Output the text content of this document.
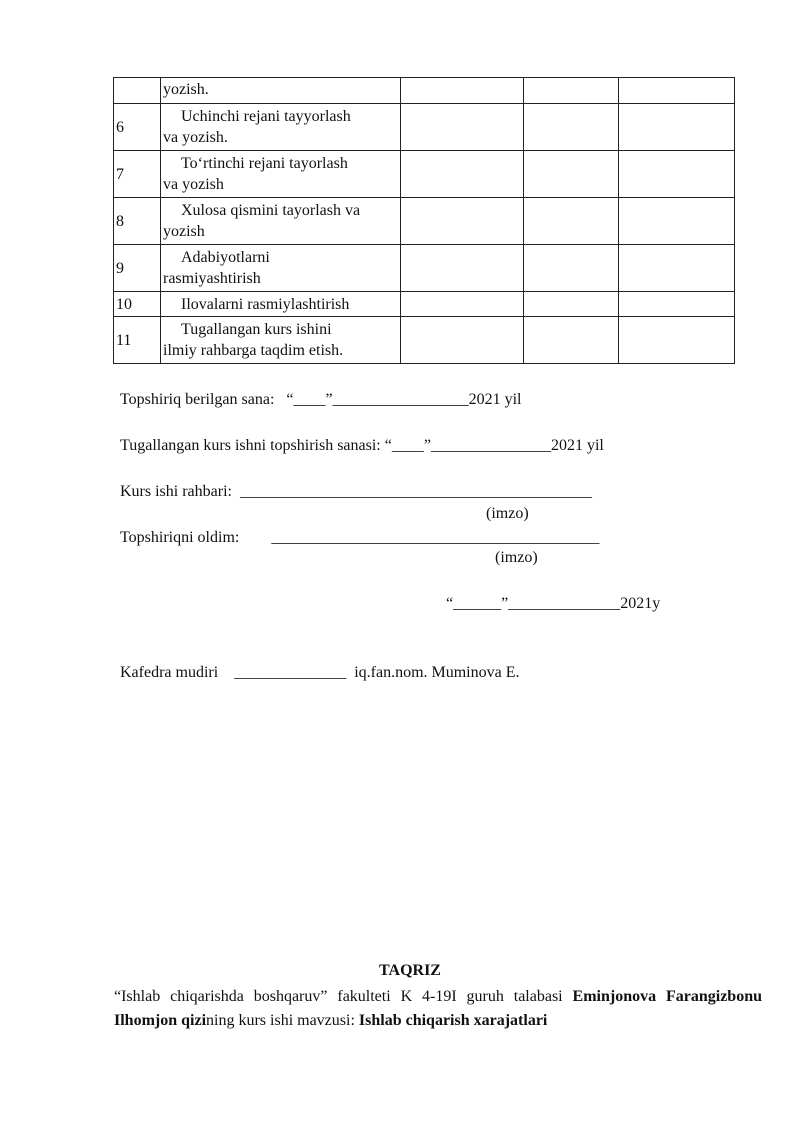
	yozish.			
6	Uchinchi rejani tayyorlash
va yozish.			
7	To‘rtinchi rejani tayorlash
va yozish			
8	Xulosa qismini tayorlash va
yozish			
9	Adabiyotlarni
rasmiyashtirish			
10	Ilovalarni rasmiylashtirish			

11	Tugallangan kurs ishini
ilmiy rahbarga taqdim etish.			
Topshiriq berilgan sana: “____”_________________2021 yil
Tugallangan kurs ishni topshirish sanasi: “____”_______________2021 yil
Kurs ishi rahbari: ____________________________________________
(imzo)
Topshiriqni oldim: _________________________________________
(imzo)
“______”______________2021y
Kafedra mudiri ______________ iq.fan.nom. Muminova E.
TAQRIZ
“Ishlab chiqarishda boshqaruv” fakulteti K 4-19I guruh talabasi Eminjonova Farangizbonu Ilhomjon qizining kurs ishi mavzusi: Ishlab chiqarish xarajatlari
